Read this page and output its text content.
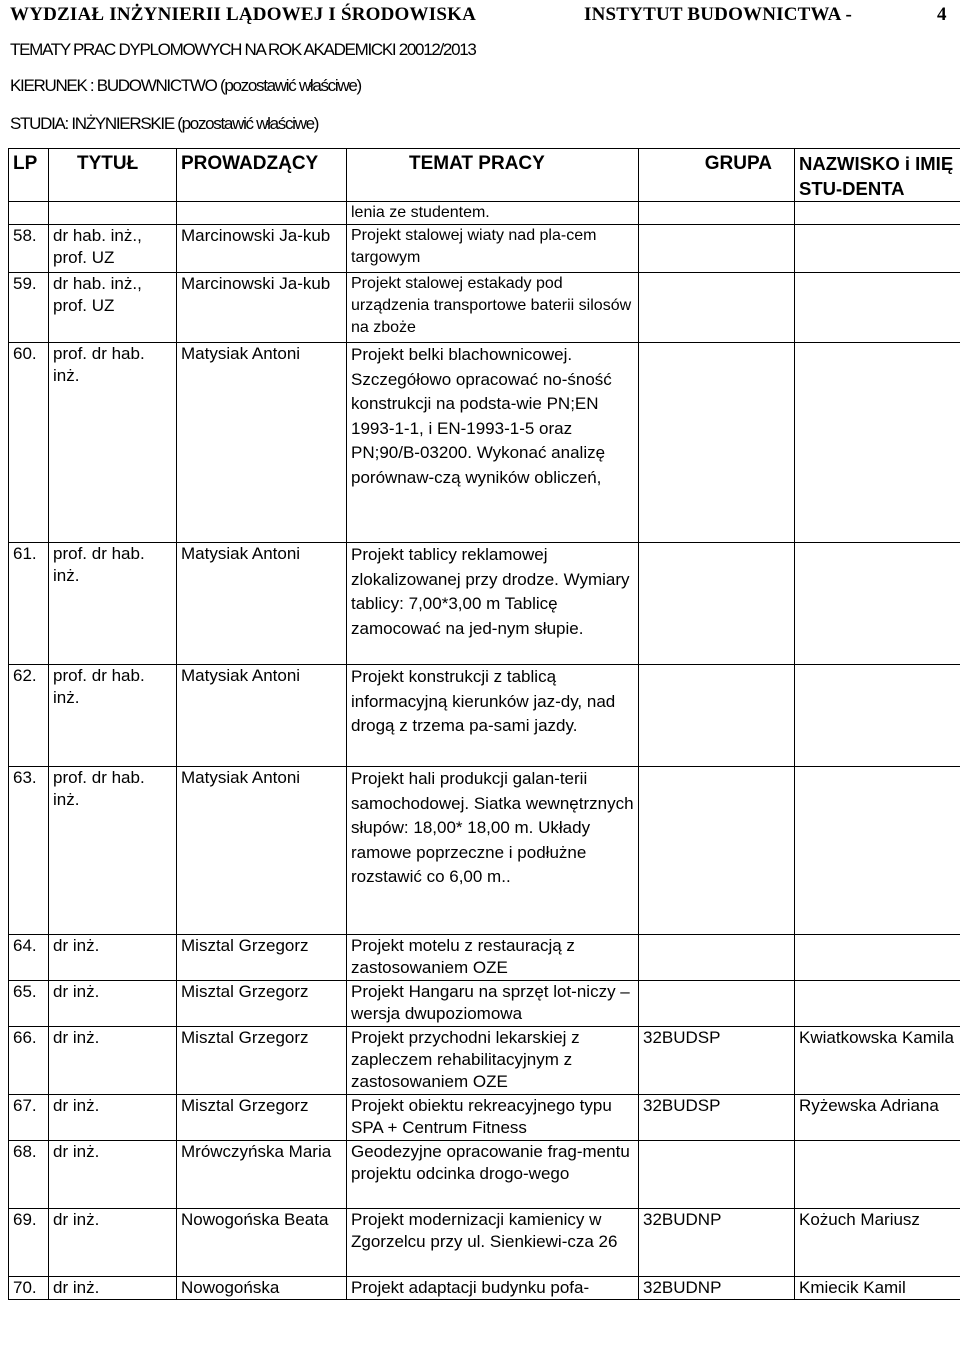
WYDZIAŁ INŻYNIERII LĄDOWEJ I ŚRODOWISKA	INSTYTUT BUDOWNICTWA -	4
TEMATY PRAC DYPLOMOWYCH NA ROK AKADEMICKI 20012/2013
KIERUNEK : BUDOWNICTWO (pozostawić właściwe)
STUDIA: INŻYNIERSKIE (pozostawić właściwe)
LP	TYTUŁ	PROWADZĄCY	TEMAT PRACY	GRUPA	NAZWISKO i IMIĘ STU-DENTA
			lenia ze studentem.		
58.	dr hab. inż., prof. UZ	Marcinowski Ja-kub	Projekt stalowej wiaty nad pla-cem targowym		
59.	dr hab. inż., prof. UZ	Marcinowski Ja-kub	Projekt stalowej estakady pod urządzenia transportowe baterii silosów na zboże		
60.	prof. dr hab. inż.	Matysiak Antoni	Projekt belki blachownicowej. Szczegółowo opracować no-śność konstrukcji na podsta-wie PN;EN 1993-1-1, i EN-1993-1-5 oraz PN;90/B-03200. Wykonać analizę porównaw-czą wyników obliczeń,		
61.	prof. dr hab. inż.	Matysiak Antoni	Projekt tablicy reklamowej zlokalizowanej przy drodze. Wymiary tablicy: 7,00*3,00 m Tablicę zamocować na jed-nym słupie.		
62.	prof. dr hab. inż.	Matysiak Antoni	Projekt konstrukcji z tablicą informacyjną kierunków jaz-dy, nad drogą z trzema pa-sami jazdy.		
63.	prof. dr hab. inż.	Matysiak Antoni	Projekt hali produkcji galan-terii samochodowej. Siatka wewnętrznych słupów: 18,00* 18,00 m. Układy ramowe poprzeczne i podłużne rozstawić co 6,00 m..		
64.	dr inż.	Misztal Grzegorz	Projekt motelu z restauracją z zastosowaniem OZE		
65.	dr inż.	Misztal Grzegorz	Projekt Hangaru na sprzęt lot-niczy – wersja dwupoziomowa		
66.	dr inż.	Misztal Grzegorz	Projekt przychodni lekarskiej z zapleczem rehabilitacyjnym z zastosowaniem OZE	32BUDSP	Kwiatkowska Kamila
67.	dr inż.	Misztal Grzegorz	Projekt obiektu rekreacyjnego typu SPA + Centrum Fitness	32BUDSP	Ryżewska Adriana
68.	dr inż.	Mrówczyńska Maria	Geodezyjne opracowanie frag-mentu projektu odcinka drogo-wego		
69.	dr inż.	Nowogońska Beata	Projekt modernizacji kamienicy w Zgorzelcu przy ul. Sienkiewi-cza 26	32BUDNP	Kożuch Mariusz
70.	dr inż.	Nowogońska	Projekt adaptacji budynku pofa-	32BUDNP	Kmiecik Kamil
